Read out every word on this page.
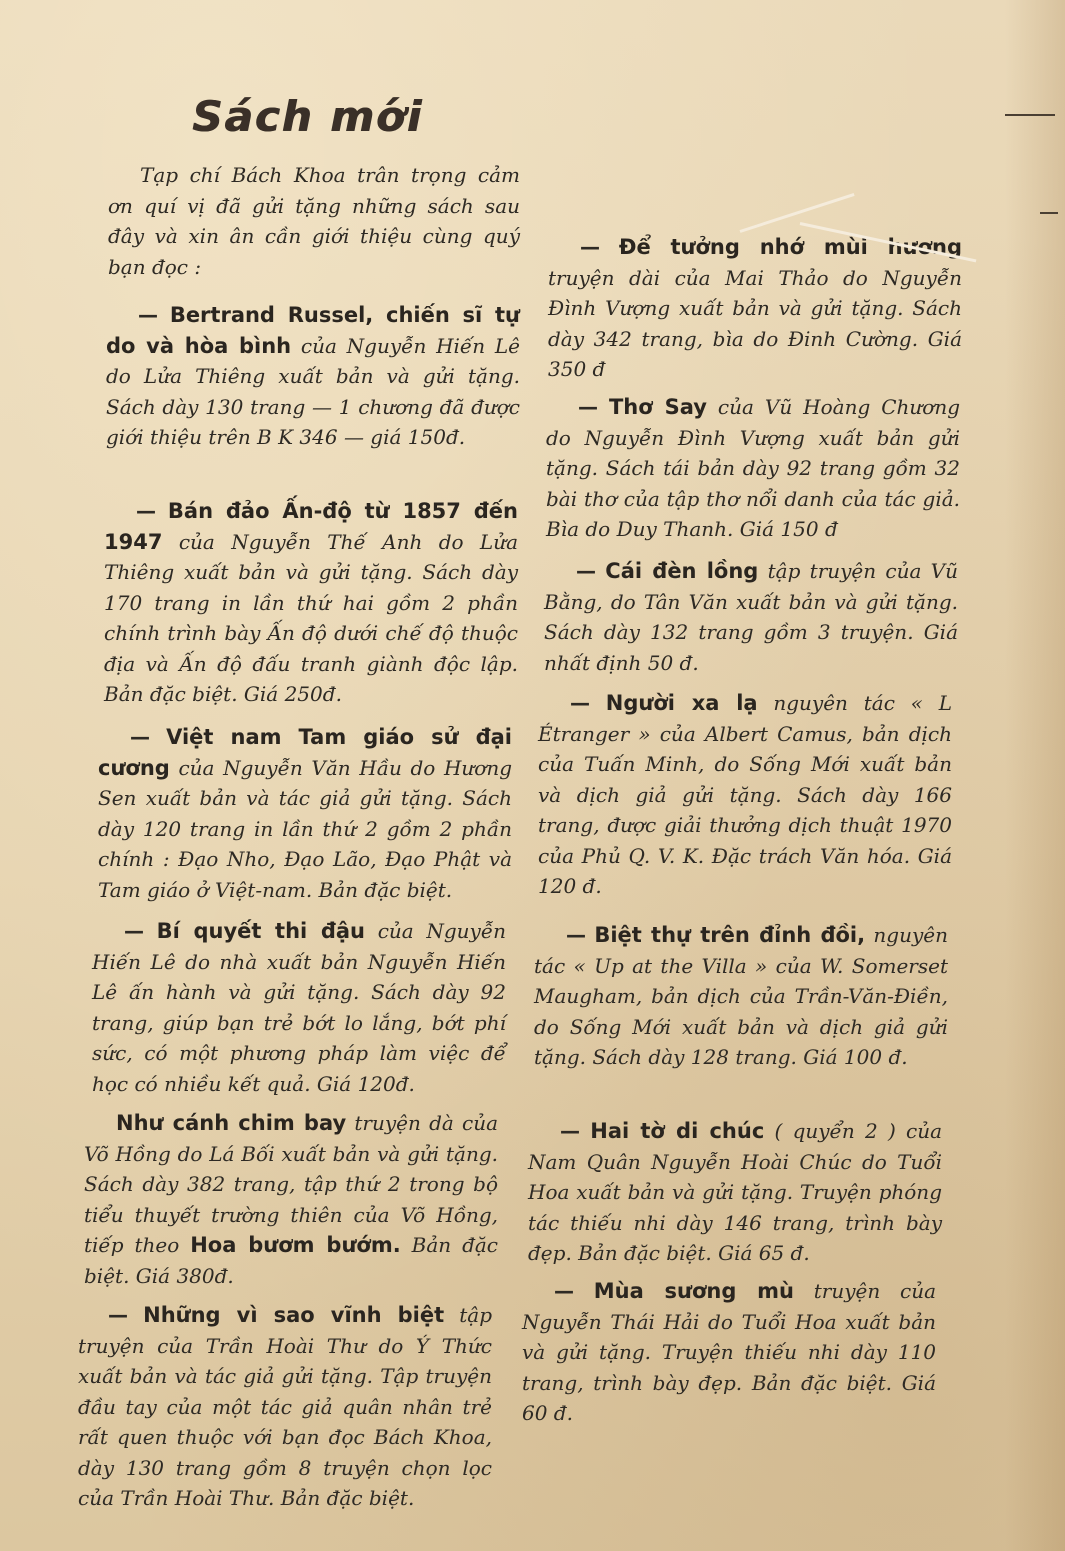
Sách mới

Tạp chí Bách Khoa trân trọng cảm ơn quí vị đã gửi tặng những sách sau đây và xin ân cần giới thiệu cùng quý bạn đọc :

— Bertrand Russel, chiến sĩ tự do và hòa bình của Nguyễn Hiến Lê do Lửa Thiêng xuất bản và gửi tặng. Sách dày 130 trang — 1 chương đã được giới thiệu trên B K 346 — giá 150đ.

— Bán đảo Ấn-độ từ 1857 đến 1947 của Nguyễn Thế Anh do Lửa Thiêng xuất bản và gửi tặng. Sách dày 170 trang in lần thứ hai gồm 2 phần chính trình bày Ấn độ dưới chế độ thuộc địa và Ấn độ đấu tranh giành độc lập. Bản đặc biệt. Giá 250đ.

— Việt nam Tam giáo sử đại cương của Nguyễn Văn Hầu do Hương Sen xuất bản và tác giả gửi tặng. Sách dày 120 trang in lần thứ 2 gồm 2 phần chính : Đạo Nho, Đạo Lão, Đạo Phật và Tam giáo ở Việt-nam. Bản đặc biệt.

— Bí quyết thi đậu của Nguyễn Hiến Lê do nhà xuất bản Nguyễn Hiến Lê ấn hành và gửi tặng. Sách dày 92 trang, giúp bạn trẻ bớt lo lắng, bớt phí sức, có một phương pháp làm việc để học có nhiều kết quả. Giá 120đ.

Như cánh chim bay truyện dà của Võ Hồng do Lá Bối xuất bản và gửi tặng. Sách dày 382 trang, tập thứ 2 trong bộ tiểu thuyết trường thiên của Võ Hồng, tiếp theo Hoa bươm bướm. Bản đặc biệt. Giá 380đ.

— Những vì sao vĩnh biệt tập truyện của Trần Hoài Thư do Ý Thức xuất bản và tác giả gửi tặng. Tập truyện đầu tay của một tác giả quân nhân trẻ rất quen thuộc với bạn đọc Bách Khoa, dày 130 trang gồm 8 truyện chọn lọc của Trần Hoài Thư. Bản đặc biệt.

— Để tưởng nhớ mùi hương truyện dài của Mai Thảo do Nguyễn Đình Vượng xuất bản và gửi tặng. Sách dày 342 trang, bìa do Đinh Cường. Giá 350 đ

— Thơ Say của Vũ Hoàng Chương do Nguyễn Đình Vượng xuất bản gửi tặng. Sách tái bản dày 92 trang gồm 32 bài thơ của tập thơ nổi danh của tác giả. Bìa do Duy Thanh. Giá 150 đ

— Cái đèn lồng tập truyện của Vũ Bằng, do Tân Văn xuất bản và gửi tặng. Sách dày 132 trang gồm 3 truyện. Giá nhất định 50 đ.

— Người xa lạ nguyên tác « L Étranger » của Albert Camus, bản dịch của Tuấn Minh, do Sống Mới xuất bản và dịch giả gửi tặng. Sách dày 166 trang, được giải thưởng dịch thuật 1970 của Phủ Q. V. K. Đặc trách Văn hóa. Giá 120 đ.

— Biệt thự trên đỉnh đồi, nguyên tác « Up at the Villa » của W. Somerset Maugham, bản dịch của Trần-Văn-Điền, do Sống Mới xuất bản và dịch giả gửi tặng. Sách dày 128 trang. Giá 100 đ.

— Hai tờ di chúc ( quyển 2 ) của Nam Quân Nguyễn Hoài Chúc do Tuổi Hoa xuất bản và gửi tặng. Truyện phóng tác thiếu nhi dày 146 trang, trình bày đẹp. Bản đặc biệt. Giá 65 đ.

— Mùa sương mù truyện của Nguyễn Thái Hải do Tuổi Hoa xuất bản và gửi tặng. Truyện thiếu nhi dày 110 trang, trình bày đẹp. Bản đặc biệt. Giá 60 đ.
